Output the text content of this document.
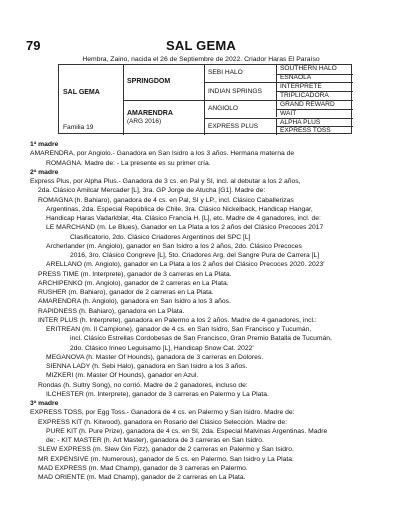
79	SAL GEMA
Hembra, Zaino, nacida el 26 de Septiembre de 2022. Criador Haras El Paraíso
SAL GEMA
Familia 19
SPRINGDOM
AMARENDRA
(ARG 2016)
SEBI HALO
INDIAN SPRINGS
ANGIOLO
EXPRESS PLUS
SOUTHERN HALO
ESNAOLA
INTERPRETE
TRIPLICADORA
GRAND REWARD
WAIT
ALPHA PLUS
EXPRESS TOSS

1ª madre

AMARENDRA, por Angiolo.- Ganadora en San Isidro a los 3 años. Hermana materna de

ROMAGNA. Madre de: - La presente es su primer cría.

2ª madre

Express Plus, por Alpha Plus.- Ganadora de 3 cs. en Pal y SI, incl. al debutar a los 2 años,

2da. Clásico Amilcar Mercader [L], 3ra. GP Jorge de Atucha [G1]. Madre de:

ROMAGNA (h. Bahiaro), ganadora de 4 cs. en Pal, SI y LP., incl. Clásico Caballerizas

Argentinas, 2da. Especial República de Chile, 3ra. Clásico Nickelback, Handicap Hangar,

Handicap Haras Vadarkblar, 4ta. Clásico Francia H. [L], etc. Madre de 4 ganadores, incl. de:

LE MARCHAND (m. Le Blues), Ganador en La Plata a los 2 años del Clásico Precoces 2017

Clasificatorio, 2do. Clásico Criadores Argentinos del SPC [L]

Archerlander (m. Angiolo), ganador en San Isidro a los 2 años, 2do. Clásico Precoces

2016, 3ro. Clásico Congreve [L], 5to. Criadores Arg. del Sangre Pura de Carrera [L]

ARELLANO (m. Angiolo), ganador en La Plata a los 2 años del Clásico Precoces 2020. 2023'

PRESS TIME (m. Interprete), ganador de 3 carreras en La Plata.

ARCHIPENKO (m. Angiolo), ganador de 2 carreras en La Plata.

RUSHER (m. Bahiaro), ganador de 2 carreras en La Plata.

AMARENDRA (h. Angiolo), ganadora en San Isidro a los 3 años.

RAPIDNESS (h. Bahiaro), ganadora en La Plata.

INTER PLUS (h. Interprete), ganadora en Palermo a los 2 años. Madre de 4 ganadores, incl.:

ERITREAN (m. Il Campione), ganador de 4 cs. en San Isidro, San Francisco y Tucumán,

incl. Clásico Estrellas Cordobesas de San Francisco, Gran Premio Batalla de Tucumán,

2do. Clásico Irineo Leguisamo [L], Handicap Snow Cat. 2022'

MEGANOVA (h. Master Of Hounds), ganadora de 3 carreras en Dolores.

SIENNA LADY (h. Sebi Halo), ganadora en San Isidro a los 3 años.

MIZKERI (m. Master Of Hounds), ganador en Azul.

Rondas (h. Sultry Song), no corrió. Madre de 2 ganadores, incluso de:

ILCHESTER (m. Interprete), ganador de 3 carreras en Palermo y La Plata.

3ª madre

EXPRESS TOSS, por Egg Toss.- Ganadora de 4 cs. en Palermo y San Isidro. Madre de:

EXPRESS KIT (h. Kitwood), ganadora en Rosario del Clásico Selección. Madre de:

PURE KIT (h. Pure Prize), ganadora de 4 cs. en SI, 2da. Especial Malvinas Argentinas. Madre

de: - KIT MASTER (h. Art Master), ganadora de 3 carreras en San Isidro.

SLEW EXPRESS (m. Slew Gin Fizz), ganador de 2 carreras en Palermo y San Isidro.

MR EXPENSIVE (m. Numerous), ganador de 5 cs. en Palermo, San Isidro y La Plata.

MAD EXPRESS (m. Mad Champ), ganador de 3 carreras en Palermo.

MAD ORIENTE (m. Mad Champ), ganador de 2 carreras en La Plata.
